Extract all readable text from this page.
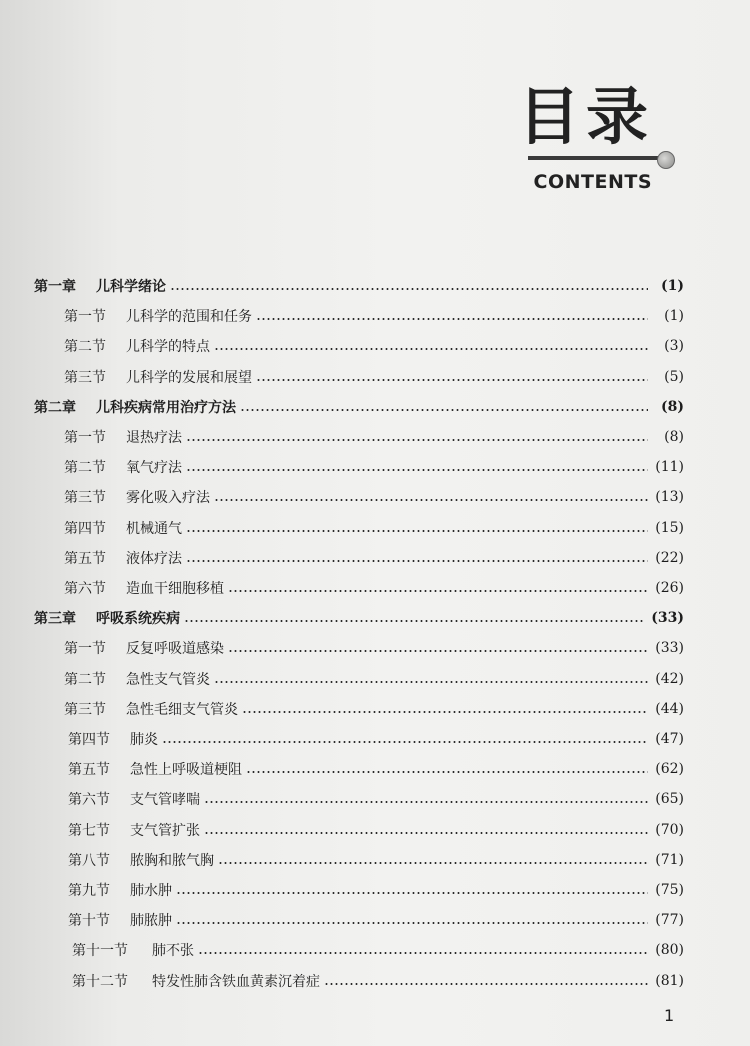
目录
CONTENTS
第一章 儿科学绪论	(1)
第一节 儿科学的范围和任务	(1)
第二节 儿科学的特点	(3)
第三节 儿科学的发展和展望	(5)
第二章 儿科疾病常用治疗方法	(8)
第一节 退热疗法	(8)
第二节 氧气疗法	(11)
第三节 雾化吸入疗法	(13)
第四节 机械通气	(15)
第五节 液体疗法	(22)
第六节 造血干细胞移植	(26)
第三章 呼吸系统疾病	(33)
第一节 反复呼吸道感染	(33)
第二节 急性支气管炎	(42)
第三节 急性毛细支气管炎	(44)
第四节 肺炎	(47)
第五节 急性上呼吸道梗阻	(62)
第六节 支气管哮喘	(65)
第七节 支气管扩张	(70)
第八节 脓胸和脓气胸	(71)
第九节 肺水肿	(75)
第十节 肺脓肿	(77)
第十一节 肺不张	(80)
第十二节 特发性肺含铁血黄素沉着症	(81)
1
